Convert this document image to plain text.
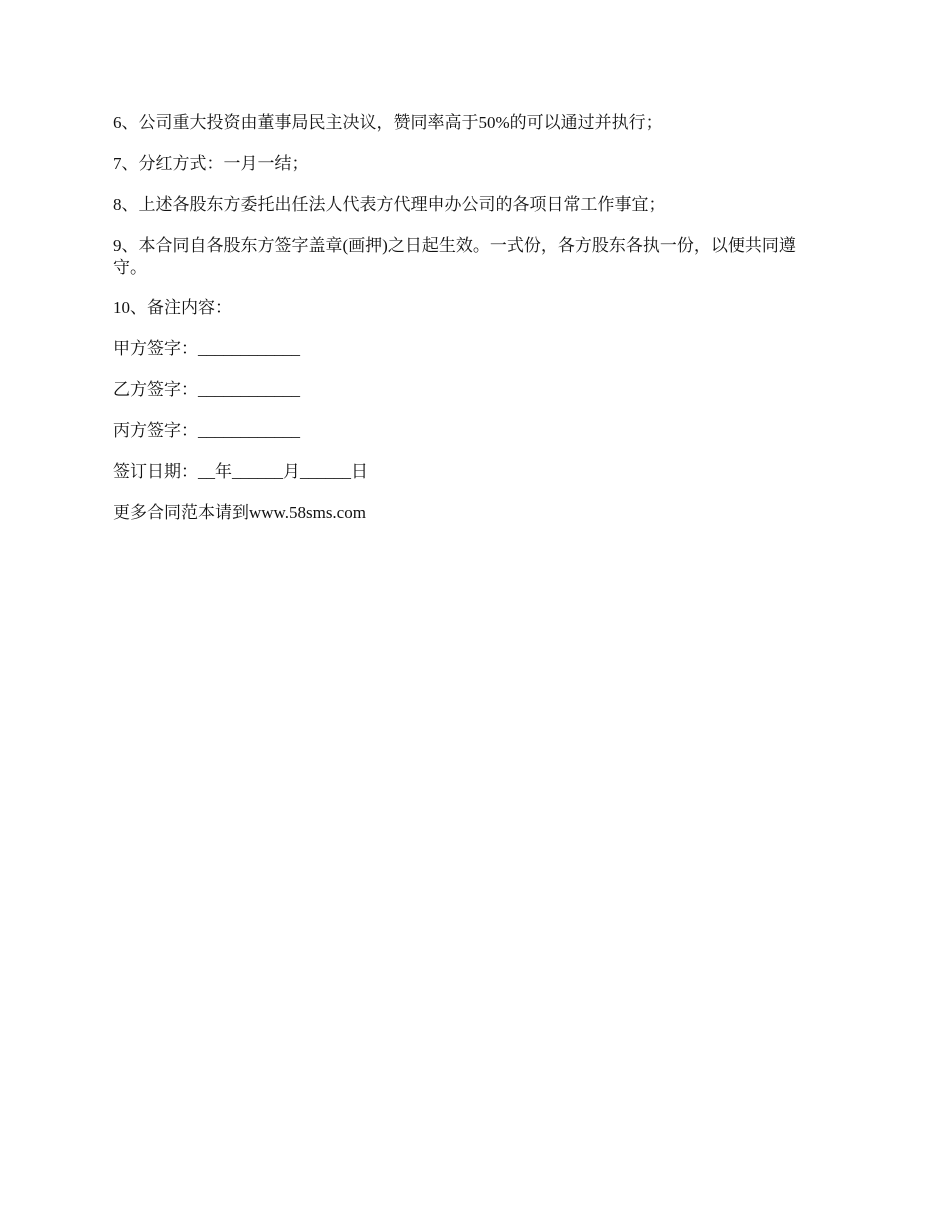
6、公司重大投资由董事局民主决议，赞同率高于50%的可以通过并执行；

7、分红方式：一月一结；

8、上述各股东方委托出任法人代表方代理申办公司的各项日常工作事宜；

9、本合同自各股东方签字盖章(画押)之日起生效。一式份，各方股东各执一份，以便共同遵守。

10、备注内容：

甲方签字：____________

乙方签字：____________

丙方签字：____________

签订日期：__年______月______日

更多合同范本请到www.58sms.com
